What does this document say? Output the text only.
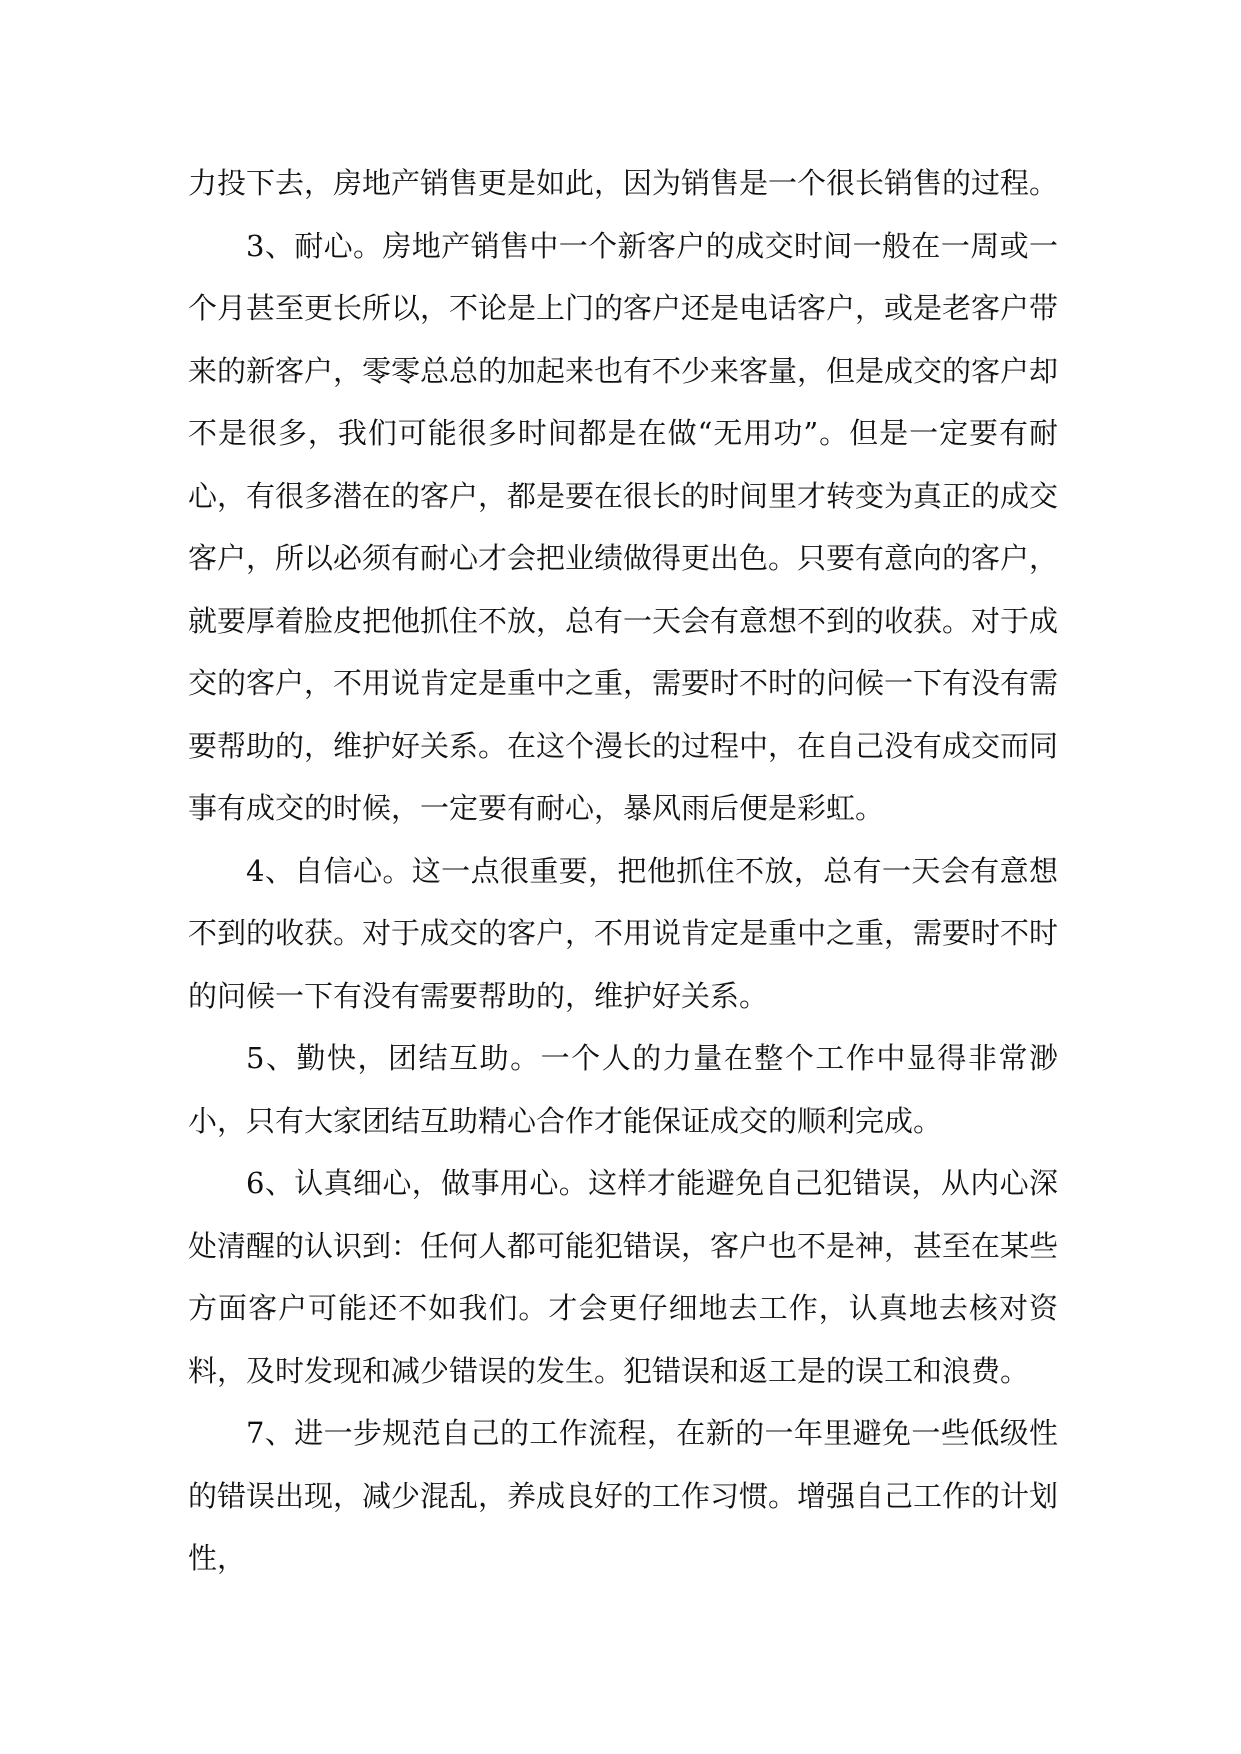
力投下去，房地产销售更是如此，因为销售是一个很长销售的过程。

3、耐心。房地产销售中一个新客户的成交时间一般在一周或一个月甚至更长所以，不论是上门的客户还是电话客户，或是老客户带来的新客户，零零总总的加起来也有不少来客量，但是成交的客户却不是很多，我们可能很多时间都是在做“无用功”。但是一定要有耐心，有很多潜在的客户，都是要在很长的时间里才转变为真正的成交客户，所以必须有耐心才会把业绩做得更出色。只要有意向的客户，就要厚着脸皮把他抓住不放，总有一天会有意想不到的收获。对于成交的客户，不用说肯定是重中之重，需要时不时的问候一下有没有需要帮助的，维护好关系。在这个漫长的过程中，在自己没有成交而同事有成交的时候，一定要有耐心，暴风雨后便是彩虹。

4、自信心。这一点很重要，把他抓住不放，总有一天会有意想不到的收获。对于成交的客户，不用说肯定是重中之重，需要时不时的问候一下有没有需要帮助的，维护好关系。

5、勤快，团结互助。一个人的力量在整个工作中显得非常渺小，只有大家团结互助精心合作才能保证成交的顺利完成。

6、认真细心，做事用心。这样才能避免自己犯错误，从内心深处清醒的认识到：任何人都可能犯错误，客户也不是神，甚至在某些方面客户可能还不如我们。才会更仔细地去工作，认真地去核对资料，及时发现和减少错误的发生。犯错误和返工是的误工和浪费。

7、进一步规范自己的工作流程，在新的一年里避免一些低级性的错误出现，减少混乱，养成良好的工作习惯。增强自己工作的计划性，
